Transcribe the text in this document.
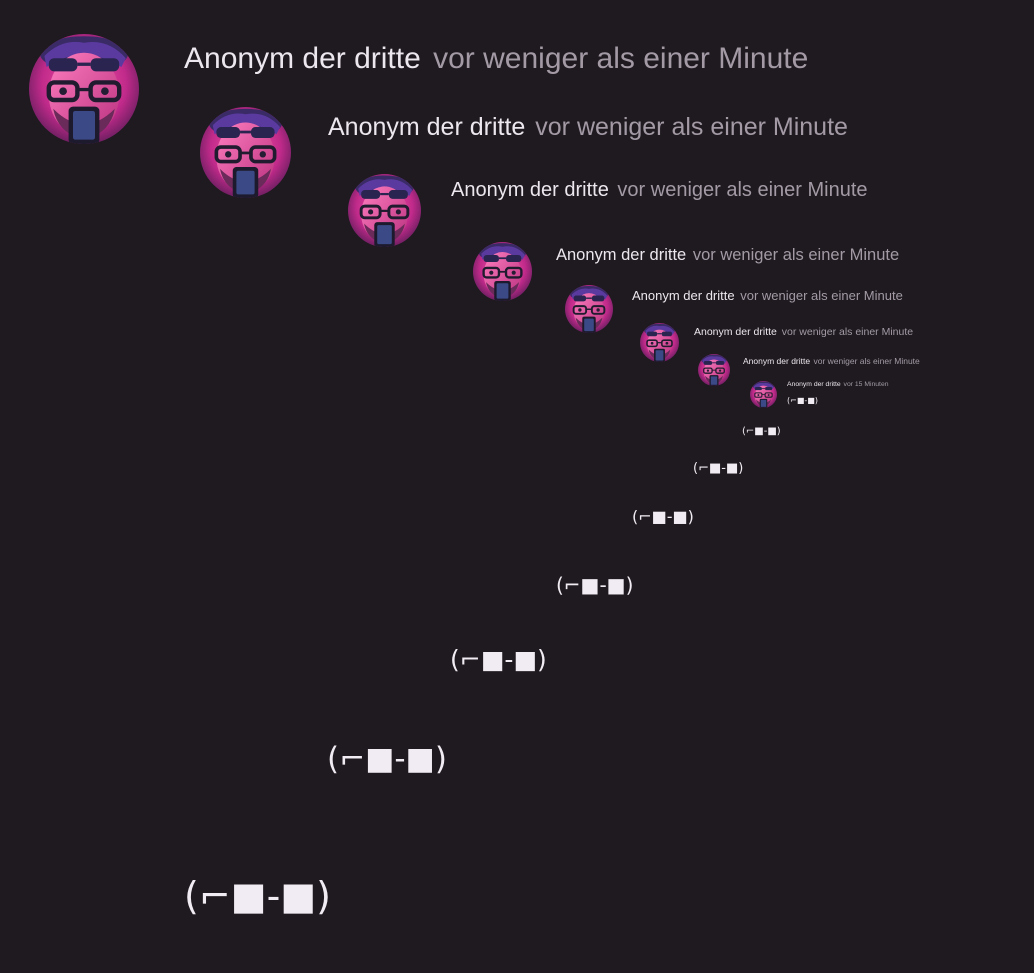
Anonym der dritte vor weniger als einer Minute
Anonym der dritte vor weniger als einer Minute
Anonym der dritte vor weniger als einer Minute
Anonym der dritte vor weniger als einer Minute
Anonym der dritte vor weniger als einer Minute
Anonym der dritte vor weniger als einer Minute
Anonym der dritte vor weniger als einer Minute
Anonym der dritte vor 15 Minuten
(⌐■-■)
(⌐■-■)
(⌐■-■)
(⌐■-■)
(⌐■-■)
(⌐■-■)
(⌐■-■)
(⌐■-■)
